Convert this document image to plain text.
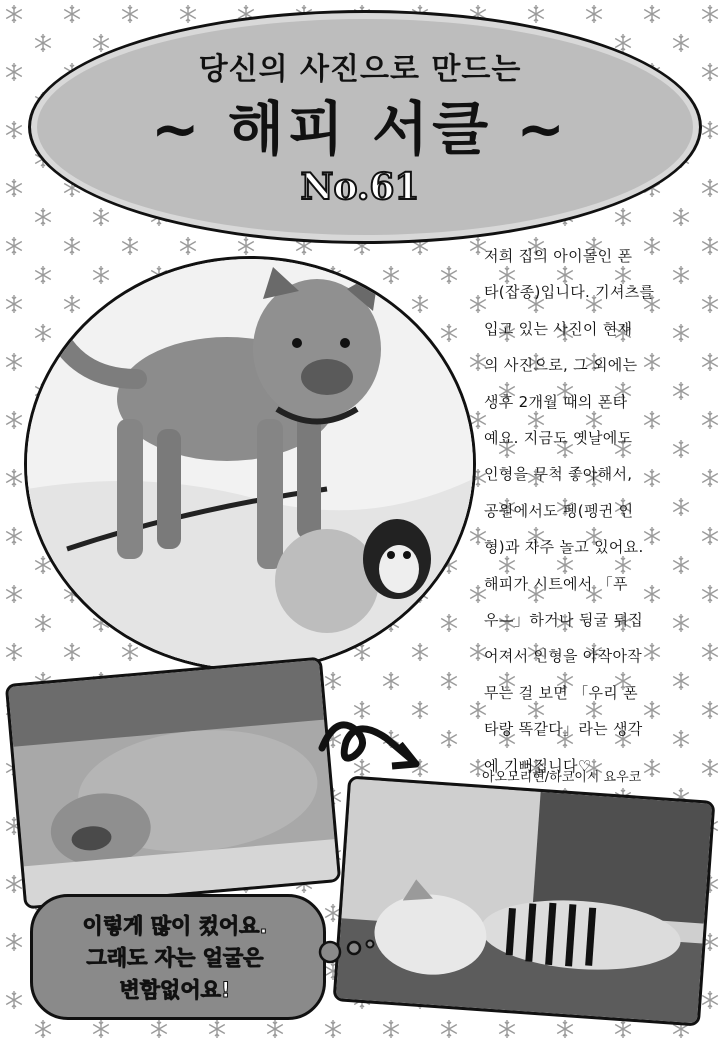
당신의 사진으로 만드는
~ 해피 서클 ~
No.61
저희 집의 아이돌인 폰
타(잡종)입니다. 기셔츠를
입고 있는 사진이 현재
의 사진으로, 그 외에는
생후 2개월 때의 폰타
예요. 지금도 옛날에도
인형을 무척 좋아해서,
공원에서도 펭(펭귄 인
형)과 자주 놀고 있어요.
해피가 시트에서 「푸
우—」하거나 뒹굴 뒤집
어져서 인형을 아작아작
무는 걸 보면 「우리 폰
타랑 똑같다」라는 생각
에 기뻐집니다♡
아오모리현/하코이시 요우코
이렇게 많이 컸어요.
그래도 자는 얼굴은
변함없어요!
